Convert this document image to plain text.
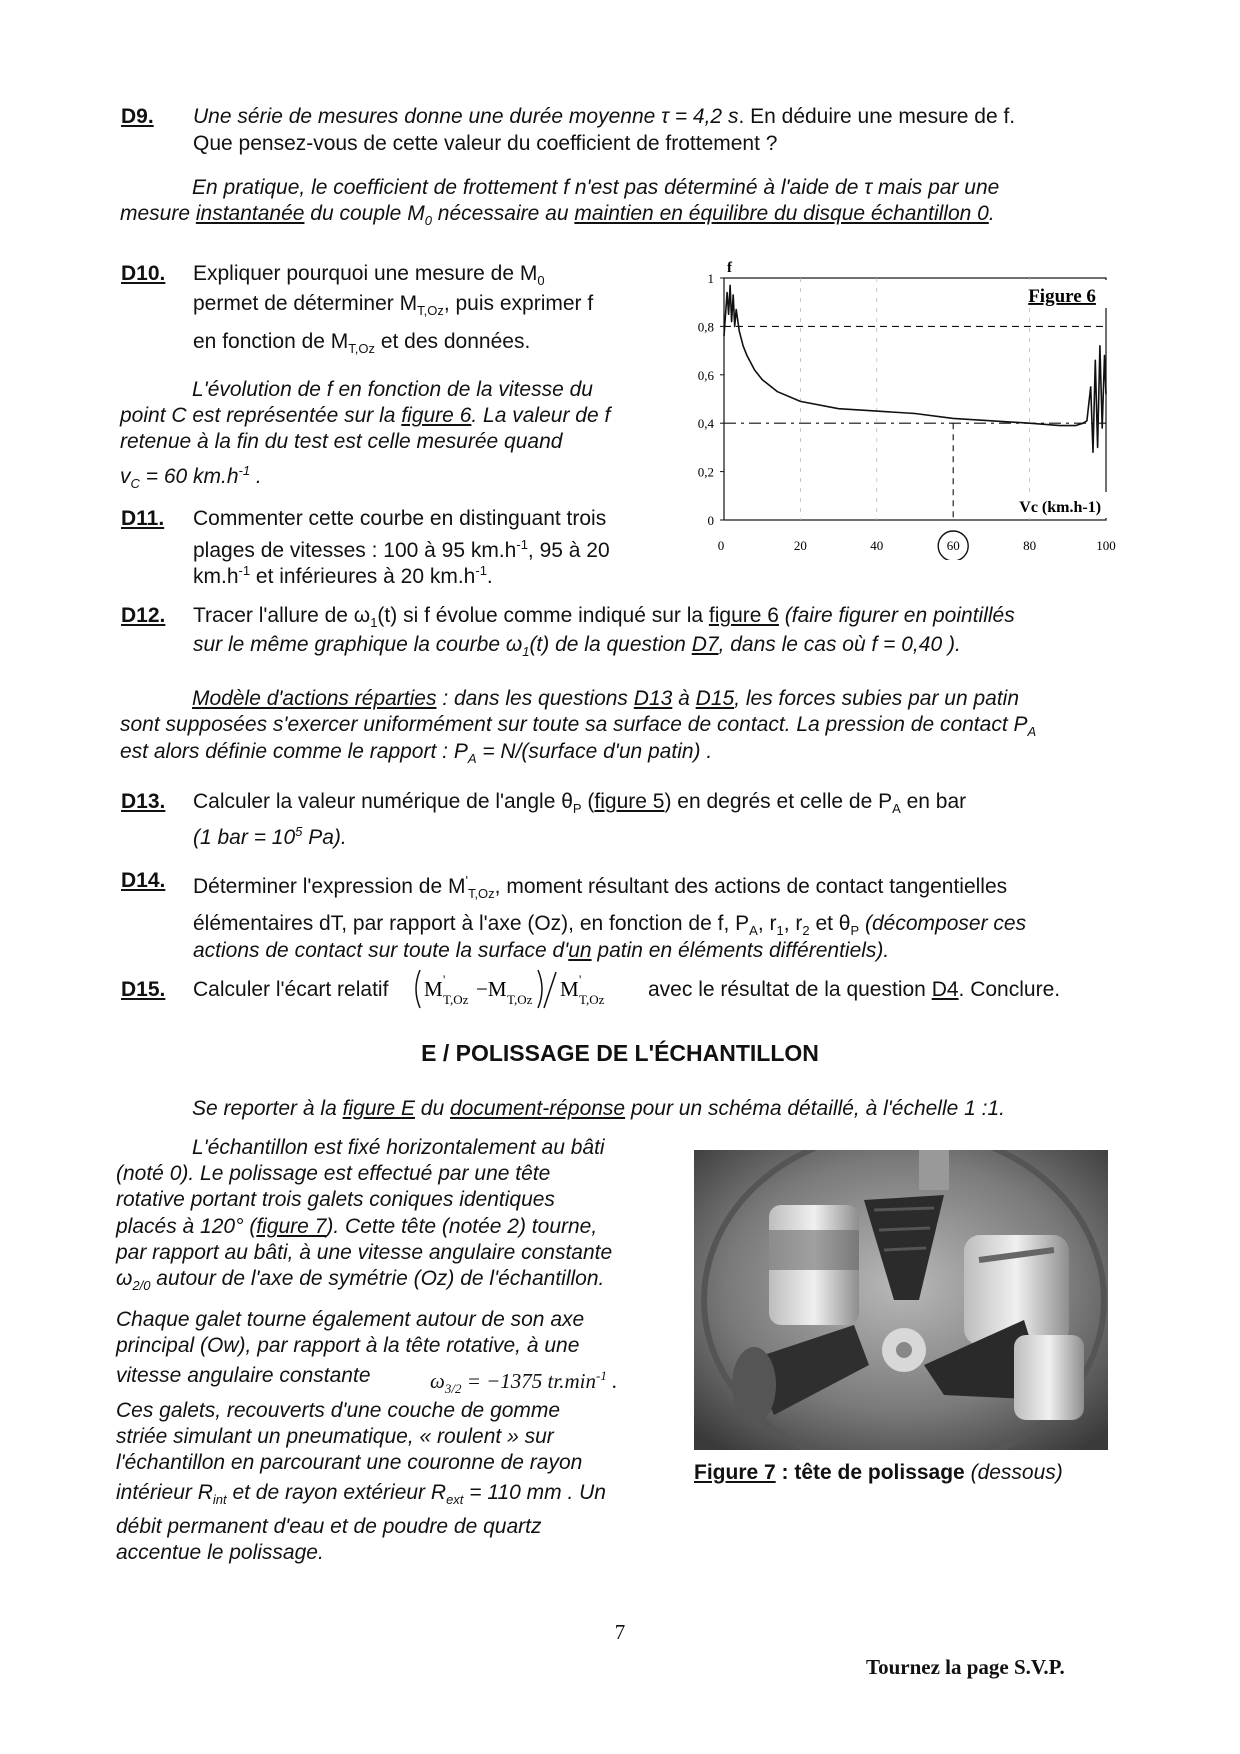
D9. Une série de mesures donne une durée moyenne τ = 4,2 s. En déduire une mesure de f.
Que pensez-vous de cette valeur du coefficient de frottement ?
En pratique, le coefficient de frottement f n'est pas déterminé à l'aide de τ mais par une
mesure instantanée du couple $M_0$ nécessaire au maintien en équilibre du disque échantillon 0.
D10. Expliquer pourquoi une mesure de $M_0$
permet de déterminer $M_{T,Oz}$, puis exprimer f
en fonction de $M_{T,Oz}$ et des données.
L'évolution de f en fonction de la vitesse du
point C est représentée sur la figure 6. La valeur de f
retenue à la fin du test est celle mesurée quand
$v_C = 60$ $km.h^{-1}$ .
D11. Commenter cette courbe en distinguant trois
plages de vitesses : 100 à 95 $km.h^{-1}$, 95 à 20
$km.h^{-1}$ et inférieures à 20 $km.h^{-1}$.
0
0,2
0,4
0,6
0,8
1
0	20	40	60	80	100
f
Figure 6
Vc (km.h-1)
D12. Tracer l'allure de $\omega_1(t)$ si f évolue comme indiqué sur la figure 6 (faire figurer en pointillés
sur le même graphique la courbe $\omega_1(t)$ de la question D7, dans le cas où f = 0,40 ).
Modèle d'actions réparties : dans les questions D13 à D15, les forces subies par un patin
sont supposées s'exercer uniformément sur toute sa surface de contact. La pression de contact $P_A$
est alors définie comme le rapport : $P_A$ = N/(surface d'un patin) .
D13. Calculer la valeur numérique de l'angle $\theta_P$ (figure 5) en degrés et celle de $P_A$ en bar
(1 bar = $10^5$ Pa).
D14. Déterminer l'expression de $M'_{T,Oz}$, moment résultant des actions de contact tangentielles
élémentaires dT, par rapport à l'axe (Oz), en fonction de f, $P_A$, $r_1$, $r_2$ et $\theta_P$ (décomposer ces
actions de contact sur toute la surface d'un patin en éléments différentiels).
D15. Calculer l'écart relatif M '
T,Oz −M T,Oz M '
T,Oz avec le résultat de la question D4. Conclure.
E / POLISSAGE DE L'ÉCHANTILLON
Se reporter à la figure E du document-réponse pour un schéma détaillé, à l'échelle 1 :1.
L'échantillon est fixé horizontalement au bâti
(noté 0). Le polissage est effectué par une tête
rotative portant trois galets coniques identiques
placés à 120° (figure 7). Cette tête (notée 2) tourne,
par rapport au bâti, à une vitesse angulaire constante
$\omega_{2/0}$ autour de l'axe de symétrie (Oz) de l'échantillon.
Chaque galet tourne également autour de son axe
principal (Ow), par rapport à la tête rotative, à une
vitesse angulaire constante	$\omega_{3/2} = -1375$ $tr.\min^{-1}$ .
Ces galets, recouverts d'une couche de gomme
striée simulant un pneumatique, « roulent » sur
l'échantillon en parcourant une couronne de rayon
intérieur $R_{int}$ et de rayon extérieur $R_{ext} = 110$ mm . Un
débit permanent d'eau et de poudre de quartz
accentue le polissage.
Figure 7 : tête de polissage (dessous)
7
Tournez la page S.V.P.
